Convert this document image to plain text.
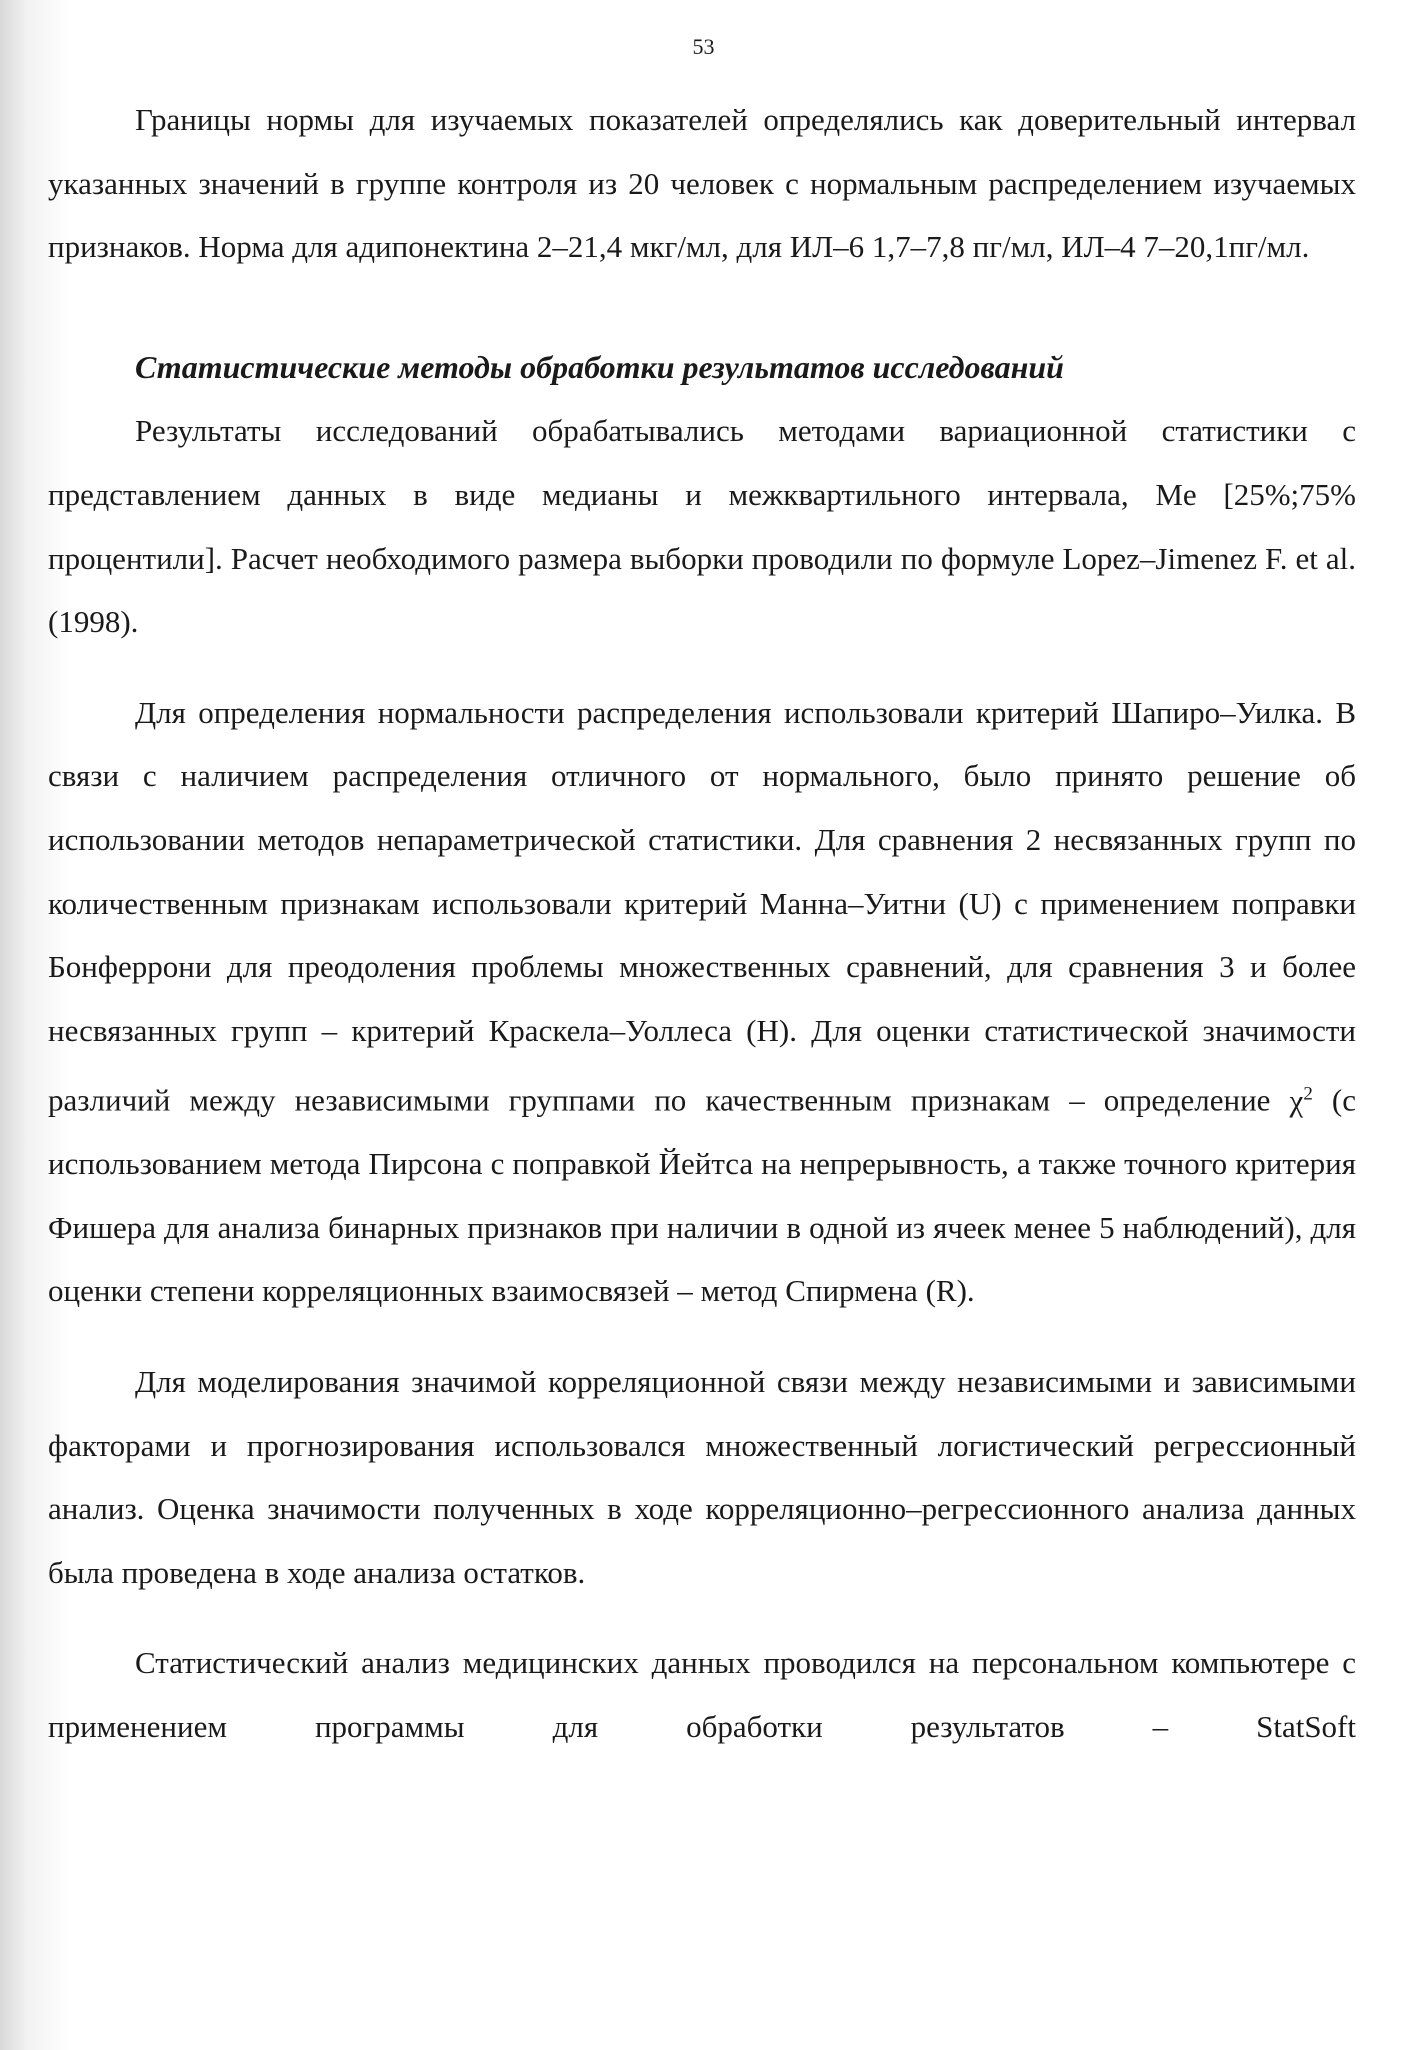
53

Границы нормы для изучаемых показателей определялись как доверительный интервал указанных значений в группе контроля из 20 человек с нормальным распределением изучаемых признаков. Норма для адипонектина 2–21,4 мкг/мл, для ИЛ–6 1,7–7,8 пг/мл, ИЛ–4 7–20,1пг/мл.

Статистические методы обработки результатов исследований

Результаты исследований обрабатывались методами вариационной статистики с представлением данных в виде медианы и межквартильного интервала, Me [25%;75% процентили]. Расчет необходимого размера выборки проводили по формуле Lopez–Jimenez F. et al. (1998).

Для определения нормальности распределения использовали критерий Шапиро–Уилка. В связи с наличием распределения отличного от нормального, было принято решение об использовании методов непараметрической статистики. Для сравнения 2 несвязанных групп по количественным признакам использовали критерий Манна–Уитни (U) с применением поправки Бонферрони для преодоления проблемы множественных сравнений, для сравнения 3 и более несвязанных групп – критерий Краскела–Уоллеса (H). Для оценки статистической значимости различий между независимыми группами по качественным признакам – определение $\chi^2$ (с использованием метода Пирсона с поправкой Йейтса на непрерывность, а также точного критерия Фишера для анализа бинарных признаков при наличии в одной из ячеек менее 5 наблюдений), для оценки степени корреляционных взаимосвязей – метод Спирмена (R).

Для моделирования значимой корреляционной связи между независимыми и зависимыми факторами и прогнозирования использовался множественный логистический регрессионный анализ. Оценка значимости полученных в ходе корреляционно–регрессионного анализа данных была проведена в ходе анализа остатков.

Статистический анализ медицинских данных проводился на персональном компьютере с применением программы для обработки результатов – StatSoft
